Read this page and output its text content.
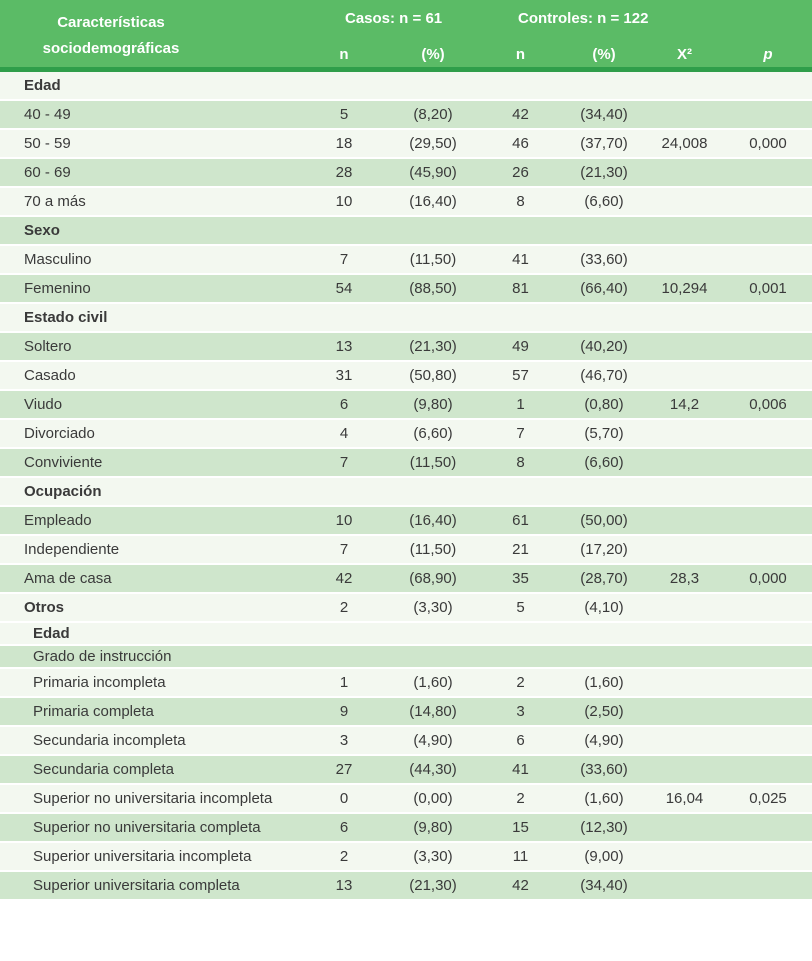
Características sociodemográficas
Casos: n = 61	Controles: n = 122
n	(%)	n	(%)	X²	p
Edad
40 - 49	5	(8,20)	42	(34,40)
50 - 59	18	(29,50)	46	(37,70)	24,008	0,000
60 - 69	28	(45,90)	26	(21,30)
70 a más	10	(16,40)	8	(6,60)
Sexo
Masculino	7	(11,50)	41	(33,60)
Femenino	54	(88,50)	81	(66,40)	10,294	0,001
Estado civil
Soltero	13	(21,30)	49	(40,20)
Casado	31	(50,80)	57	(46,70)
Viudo	6	(9,80)	1	(0,80)	14,2	0,006
Divorciado	4	(6,60)	7	(5,70)
Conviviente	7	(11,50)	8	(6,60)
Ocupación
Empleado	10	(16,40)	61	(50,00)
Independiente	7	(11,50)	21	(17,20)
Ama de casa	42	(68,90)	35	(28,70)	28,3	0,000
Otros	2	(3,30)	5	(4,10)
Edad
Grado de instrucción
Primaria incompleta	1	(1,60)	2	(1,60)
Primaria completa	9	(14,80)	3	(2,50)
Secundaria incompleta	3	(4,90)	6	(4,90)
Secundaria completa	27	(44,30)	41	(33,60)
Superior no universitaria incompleta	0	(0,00)	2	(1,60)	16,04	0,025
Superior no universitaria completa	6	(9,80)	15	(12,30)
Superior universitaria incompleta	2	(3,30)	11	(9,00)
Superior universitaria completa	13	(21,30)	42	(34,40)
